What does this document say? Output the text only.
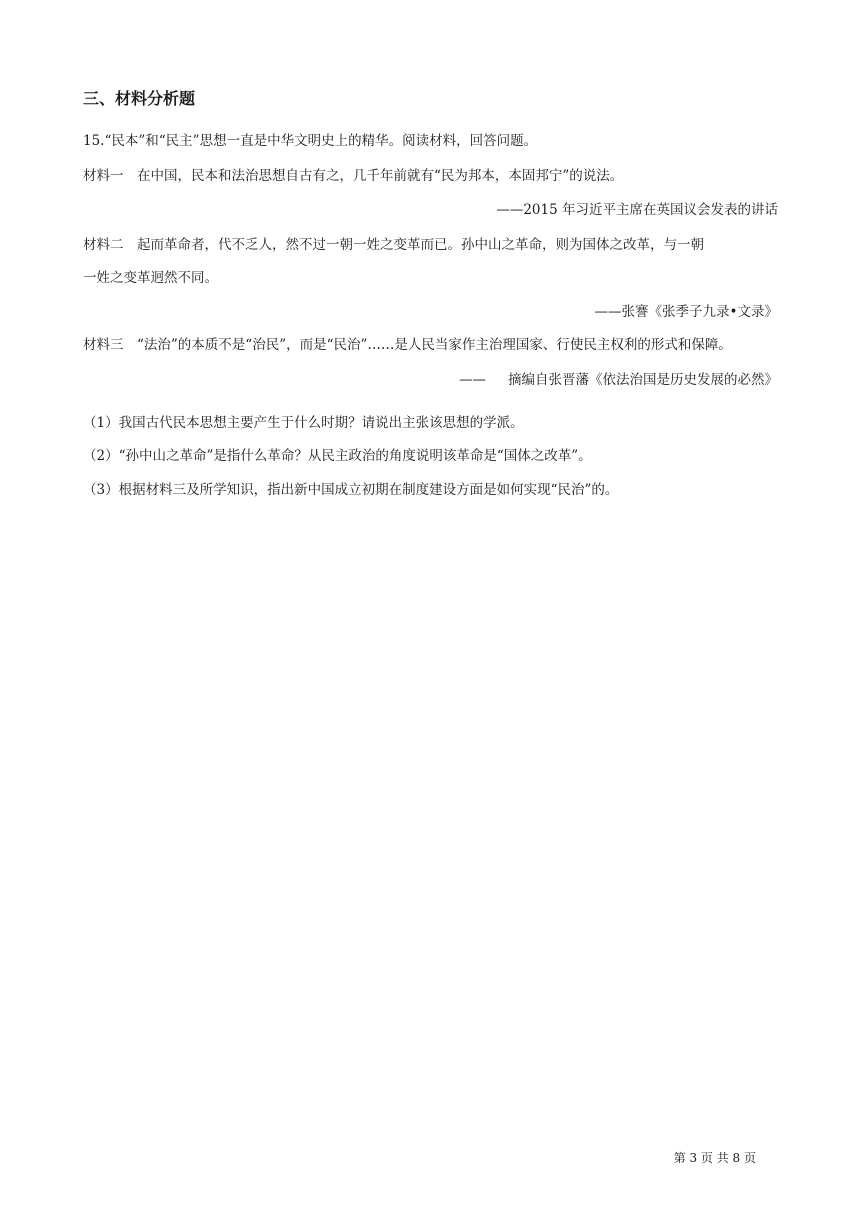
三、材料分析题
15.“民本”和“民主”思想一直是中华文明史上的精华。阅读材料，回答问题。
材料一　在中国，民本和法治思想自古有之，几千年前就有“民为邦本，本固邦宁”的说法。
——2015 年习近平主席在英国议会发表的讲话
材料二　起而革命者，代不乏人，然不过一朝一姓之变革而已。孙中山之革命，则为国体之改革，与一朝
一姓之变革迥然不同。
——张謇《张季子九录•文录》
材料三　“法治”的本质不是“治民”，而是“民治”……是人民当家作主治理国家、行使民主权利的形式和保障。
—— 摘编自张晋藩《依法治国是历史发展的必然》
（1）我国古代民本思想主要产生于什么时期？请说出主张该思想的学派。
（2）“孙中山之革命”是指什么革命？从民主政治的角度说明该革命是“国体之改革”。
（3）根据材料三及所学知识，指出新中国成立初期在制度建设方面是如何实现“民治”的。
第 3 页 共 8 页
